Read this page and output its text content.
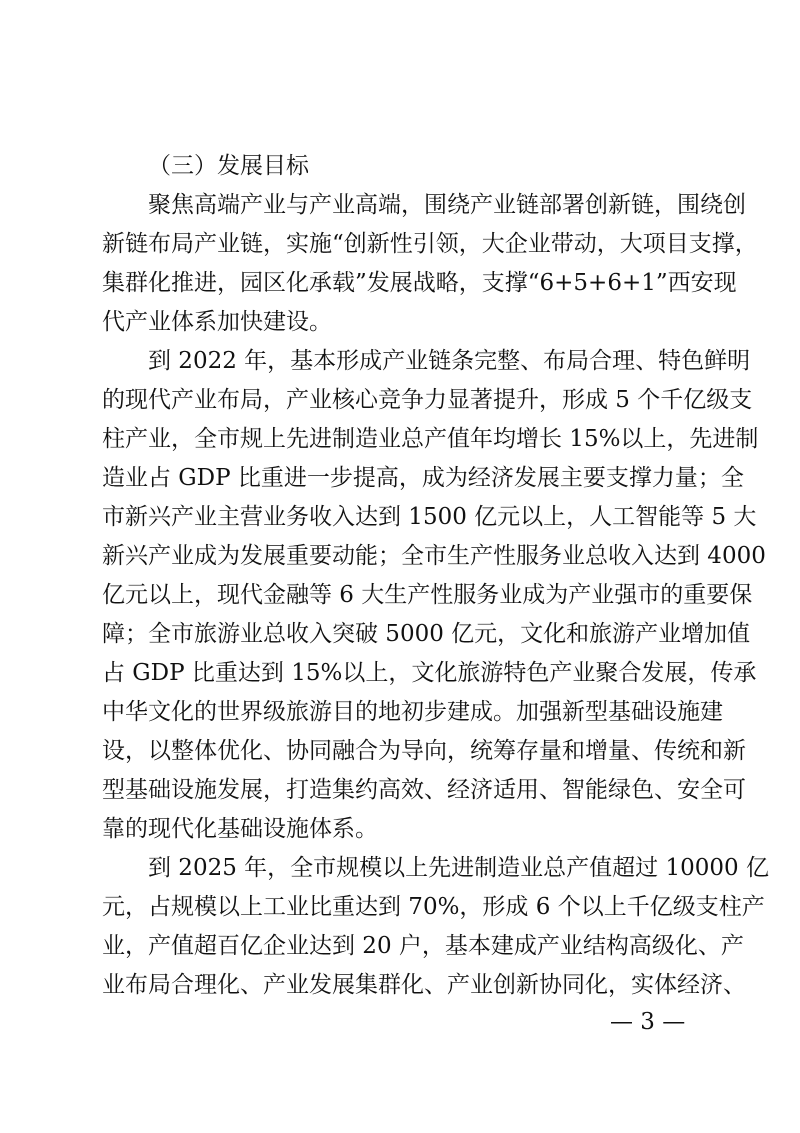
（三）发展目标
聚焦高端产业与产业高端，围绕产业链部署创新链，围绕创
新链布局产业链，实施“创新性引领，大企业带动，大项目支撑，
集群化推进，园区化承载”发展战略，支撑“6+5+6+1”西安现
代产业体系加快建设。
到 2022 年，基本形成产业链条完整、布局合理、特色鲜明
的现代产业布局，产业核心竞争力显著提升，形成 5 个千亿级支
柱产业，全市规上先进制造业总产值年均增长 15%以上，先进制
造业占 GDP 比重进一步提高，成为经济发展主要支撑力量；全
市新兴产业主营业务收入达到 1500 亿元以上，人工智能等 5 大
新兴产业成为发展重要动能；全市生产性服务业总收入达到 4000
亿元以上，现代金融等 6 大生产性服务业成为产业强市的重要保
障；全市旅游业总收入突破 5000 亿元，文化和旅游产业增加值
占 GDP 比重达到 15%以上，文化旅游特色产业聚合发展，传承
中华文化的世界级旅游目的地初步建成。加强新型基础设施建
设，以整体优化、协同融合为导向，统筹存量和增量、传统和新
型基础设施发展，打造集约高效、经济适用、智能绿色、安全可
靠的现代化基础设施体系。
到 2025 年，全市规模以上先进制造业总产值超过 10000 亿
元，占规模以上工业比重达到 70%，形成 6 个以上千亿级支柱产
业，产值超百亿企业达到 20 户，基本建成产业结构高级化、产
业布局合理化、产业发展集群化、产业创新协同化，实体经济、
— 3 —
